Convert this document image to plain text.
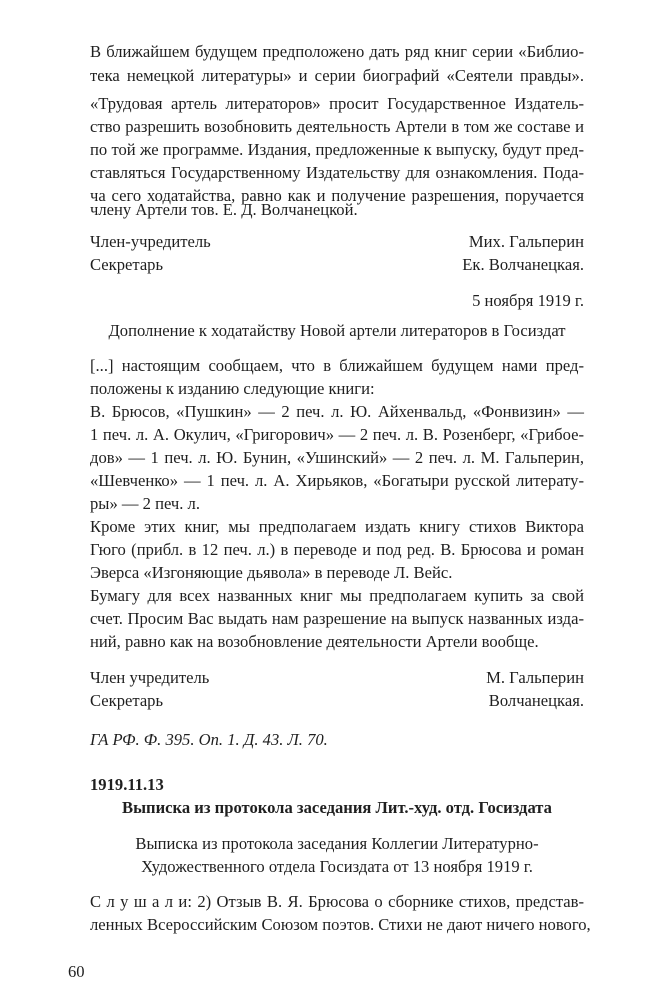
В ближайшем будущем предположено дать ряд книг серии «Библио-
тека немецкой литературы» и серии биографий «Сеятели правды».
«Трудовая артель литераторов» просит Государственное Издатель-
ство разрешить возобновить деятельность Артели в том же составе и
по той же программе. Издания, предложенные к выпуску, будут пред-
ставляться Государственному Издательству для ознакомления. Пода-
ча сего ходатайства, равно как и получение разрешения, поручается
члену Артели тов. Е. Д. Волчанецкой.
Член-учредитель	Мих. Гальперин
Секретарь	Ек. Волчанецкая.
5 ноября 1919 г.
Дополнение к ходатайству Новой артели литераторов в Госиздат
[...] настоящим сообщаем, что в ближайшем будущем нами пред-
положены к изданию следующие книги:
В. Брюсов, «Пушкин» — 2 печ. л. Ю. Айхенвальд, «Фонвизин» —
1 печ. л. А. Окулич, «Григорович» — 2 печ. л. В. Розенберг, «Грибое-
дов» — 1 печ. л. Ю. Бунин, «Ушинский» — 2 печ. л. М. Гальперин,
«Шевченко» — 1 печ. л. А. Хирьяков, «Богатыри русской литерату-
ры» — 2 печ. л.
Кроме этих книг, мы предполагаем издать книгу стихов Виктора
Гюго (прибл. в 12 печ. л.) в переводе и под ред. В. Брюсова и роман
Эверса «Изгоняющие дьявола» в переводе Л. Вейс.
Бумагу для всех названных книг мы предполагаем купить за свой
счет. Просим Вас выдать нам разрешение на выпуск названных изда-
ний, равно как на возобновление деятельности Артели вообще.
Член учредитель	М. Гальперин
Секретарь	Волчанецкая.
ГА РФ. Ф. 395. Оп. 1. Д. 43. Л. 70.
1919.11.13
Выписка из протокола заседания Лит.-худ. отд. Госиздата
Выписка из протокола заседания Коллегии Литературно-
Художественного отдела Госиздата от 13 ноября 1919 г.
С л у ш а л и: 2) Отзыв В. Я. Брюсова о сборнике стихов, представ-
ленных Всероссийским Союзом поэтов. Стихи не дают ничего нового,
60
